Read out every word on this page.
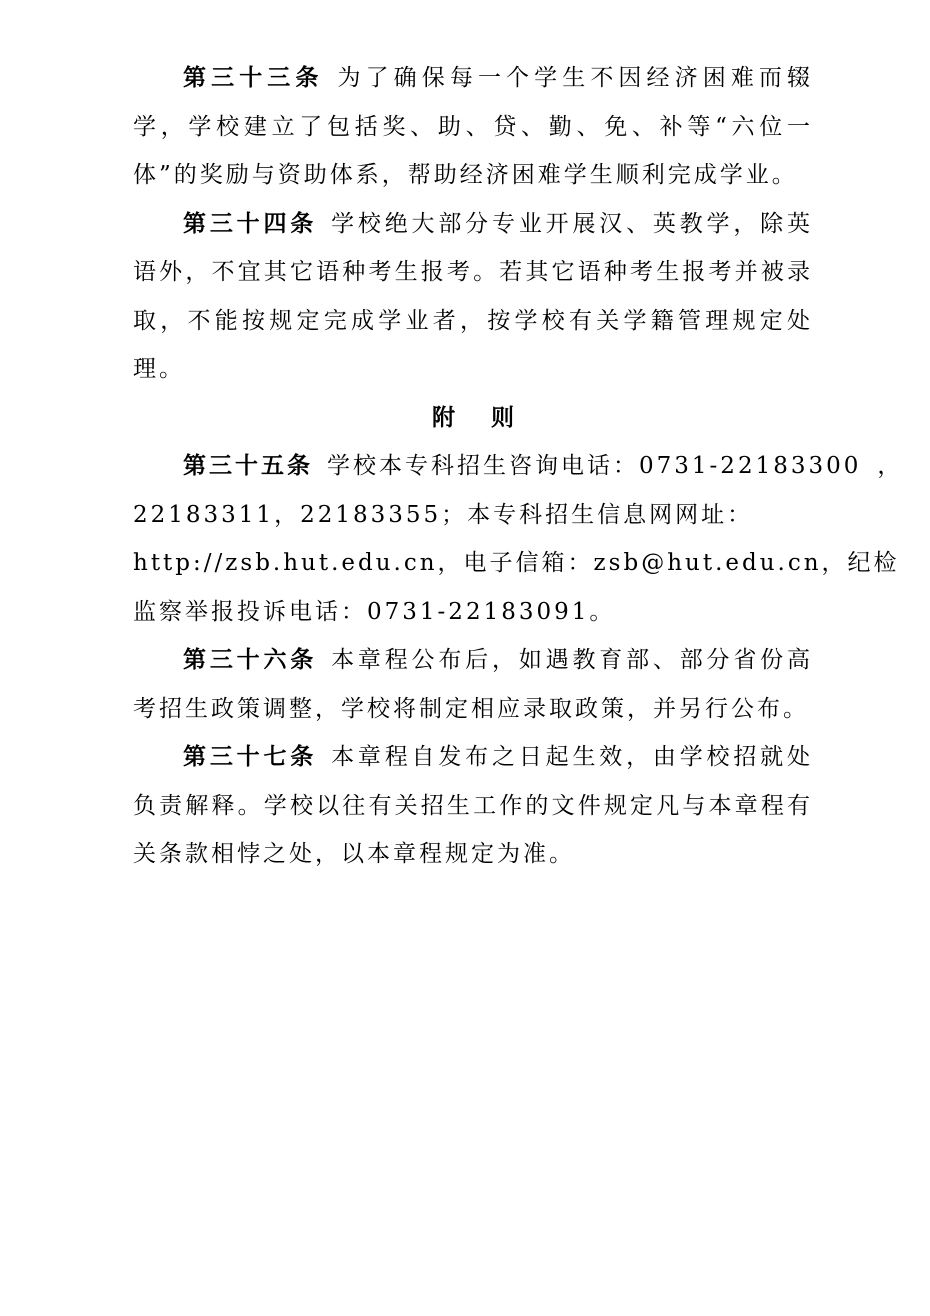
第三十三条 为了确保每一个学生不因经济困难而辍学，学校建立了包括奖、助、贷、勤、免、补等“六位一体”的奖励与资助体系，帮助经济困难学生顺利完成学业。

第三十四条 学校绝大部分专业开展汉、英教学，除英语外，不宜其它语种考生报考。若其它语种考生报考并被录取，不能按规定完成学业者，按学校有关学籍管理规定处理。

附 则

第三十五条 学校本专科招生咨询电话：0731-22183300 ，
22183311，22183355；本专科招生信息网网址：
http://zsb.hut.edu.cn，电子信箱：zsb@hut.edu.cn，纪检
监察举报投诉电话：0731-22183091。

第三十六条 本章程公布后，如遇教育部、部分省份高考招生政策调整，学校将制定相应录取政策，并另行公布。

第三十七条 本章程自发布之日起生效，由学校招就处负责解释。学校以往有关招生工作的文件规定凡与本章程有关条款相悖之处，以本章程规定为准。
